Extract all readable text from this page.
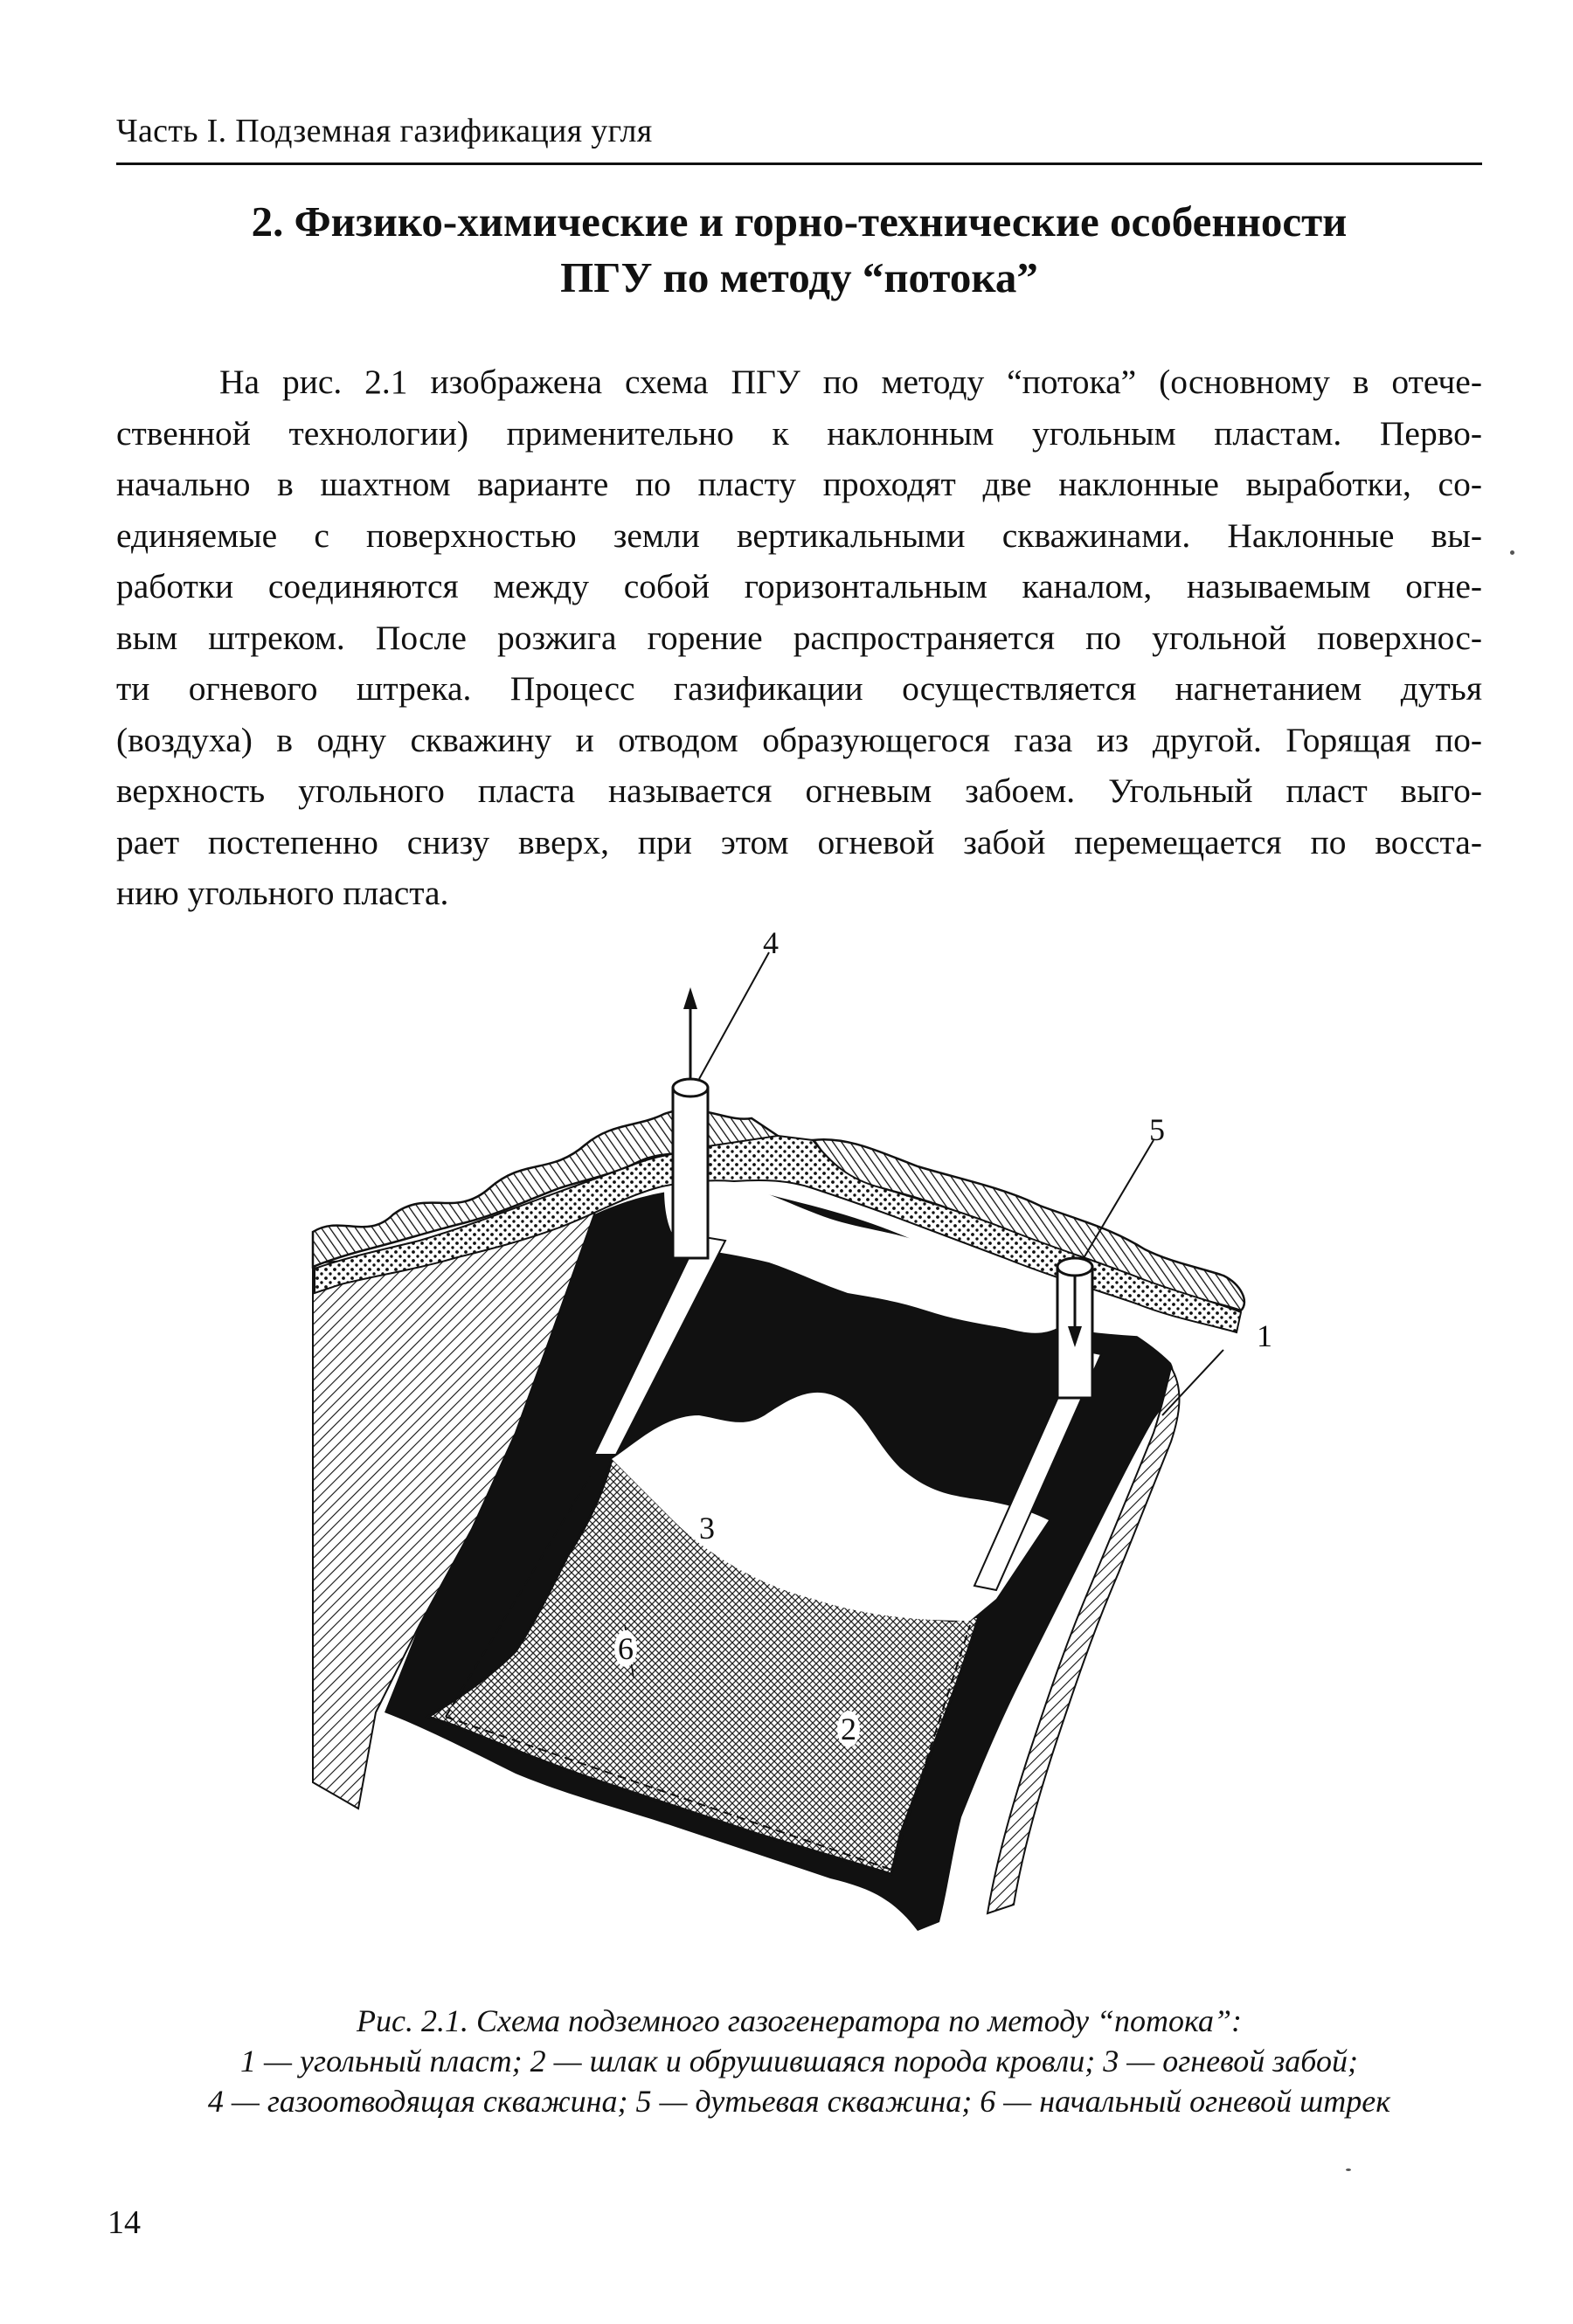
Часть I. Подземная газификация угля
2. Физико-химические и горно-технические особенности
ПГУ по методу “потока”
На рис. 2.1 изображена схема ПГУ по методу “потока” (основному в отече-
ственной технологии) применительно к наклонным угольным пластам. Перво-
начально в шахтном варианте по пласту проходят две наклонные выработки, со-
единяемые с поверхностью земли вертикальными скважинами. Наклонные вы-
работки соединяются между собой горизонтальным каналом, называемым огне-
вым штреком. После розжига горение распространяется по угольной поверхнос-
ти огневого штрека. Процесс газификации осуществляется нагнетанием дутья
(воздуха) в одну скважину и отводом образующегося газа из другой. Горящая по-
верхность угольного пласта называется огневым забоем. Угольный пласт выго-
рает постепенно снизу вверх, при этом огневой забой перемещается по восста-
нию угольного пласта.
4
5
1
3
6
2
Рис. 2.1. Схема подземного газогенератора по методу “потока”:
1 — угольный пласт; 2 — шлак и обрушившаяся порода кровли; 3 — огневой забой;
4 — газоотводящая скважина; 5 — дутьевая скважина; 6 — начальный огневой штрек
14
